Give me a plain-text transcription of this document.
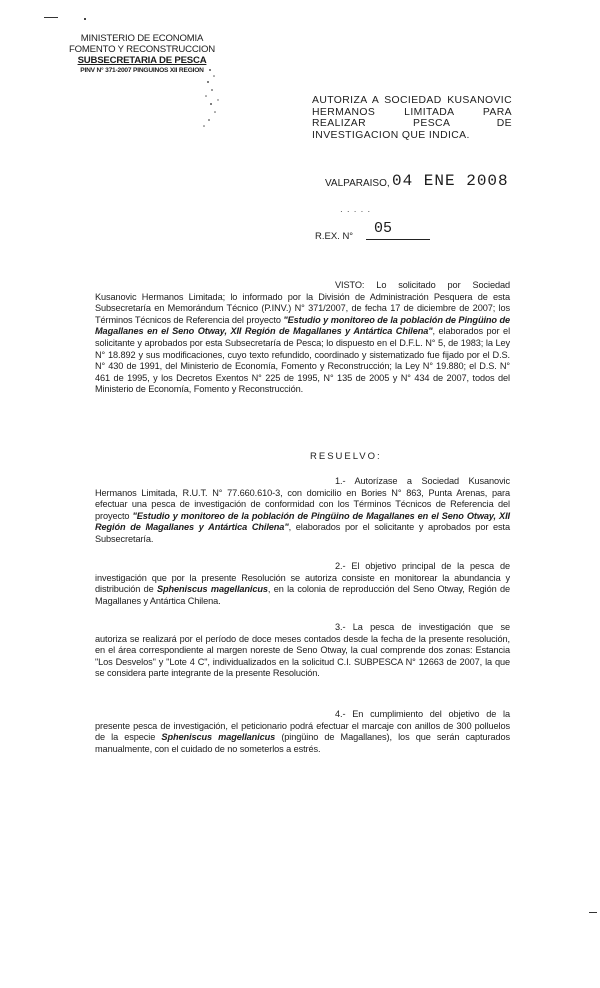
MINISTERIO DE ECONOMIA
FOMENTO Y RECONSTRUCCION
SUBSECRETARIA DE PESCA
PINV N° 371-2007 PINGUINOS XII REGION
AUTORIZA A SOCIEDAD KUSANOVIC HERMANOS LIMITADA PARA REALIZAR PESCA DE INVESTIGACION QUE INDICA.
VALPARAISO, 04 ENE 2008
· · · · ·
R.EX. N°	05
VISTO: Lo solicitado por Sociedad Kusanovic Hermanos Limitada; lo informado por la División de Administración Pesquera de esta Subsecretaría en Memorándum Técnico (P.INV.) N° 371/2007, de fecha 17 de diciembre de 2007; los Términos Técnicos de Referencia del proyecto "Estudio y monitoreo de la población de Pingüino de Magallanes en el Seno Otway, XII Región de Magallanes y Antártica Chilena", elaborados por el solicitante y aprobados por esta Subsecretaría de Pesca; lo dispuesto en el D.F.L. N° 5, de 1983; la Ley N° 18.892 y sus modificaciones, cuyo texto refundido, coordinado y sistematizado fue fijado por el D.S. N° 430 de 1991, del Ministerio de Economía, Fomento y Reconstrucción; la Ley N° 19.880; el D.S. N° 461 de 1995, y los Decretos Exentos N° 225 de 1995, N° 135 de 2005 y N° 434 de 2007, todos del Ministerio de Economía, Fomento y Reconstrucción.
RESUELVO:
1.- Autorízase a Sociedad Kusanovic Hermanos Limitada, R.U.T. N° 77.660.610-3, con domicilio en Bories N° 863, Punta Arenas, para efectuar una pesca de investigación de conformidad con los Términos Técnicos de Referencia del proyecto "Estudio y monitoreo de la población de Pingüino de Magallanes en el Seno Otway, XII Región de Magallanes y Antártica Chilena", elaborados por el solicitante y aprobados por esta Subsecretaría.
2.- El objetivo principal de la pesca de investigación que por la presente Resolución se autoriza consiste en monitorear la abundancia y distribución de Spheniscus magellanicus, en la colonia de reproducción del Seno Otway, Región de Magallanes y Antártica Chilena.
3.- La pesca de investigación que se autoriza se realizará por el período de doce meses contados desde la fecha de la presente resolución, en el área correspondiente al margen noreste de Seno Otway, la cual comprende dos zonas: Estancia "Los Desvelos" y "Lote 4 C", individualizados en la solicitud C.I. SUBPESCA N° 12663 de 2007, la que se considera parte integrante de la presente Resolución.
4.- En cumplimiento del objetivo de la presente pesca de investigación, el peticionario podrá efectuar el marcaje con anillos de 300 polluelos de la especie Spheniscus magellanicus (pingüino de Magallanes), los que serán capturados manualmente, con el cuidado de no someterlos a estrés.
